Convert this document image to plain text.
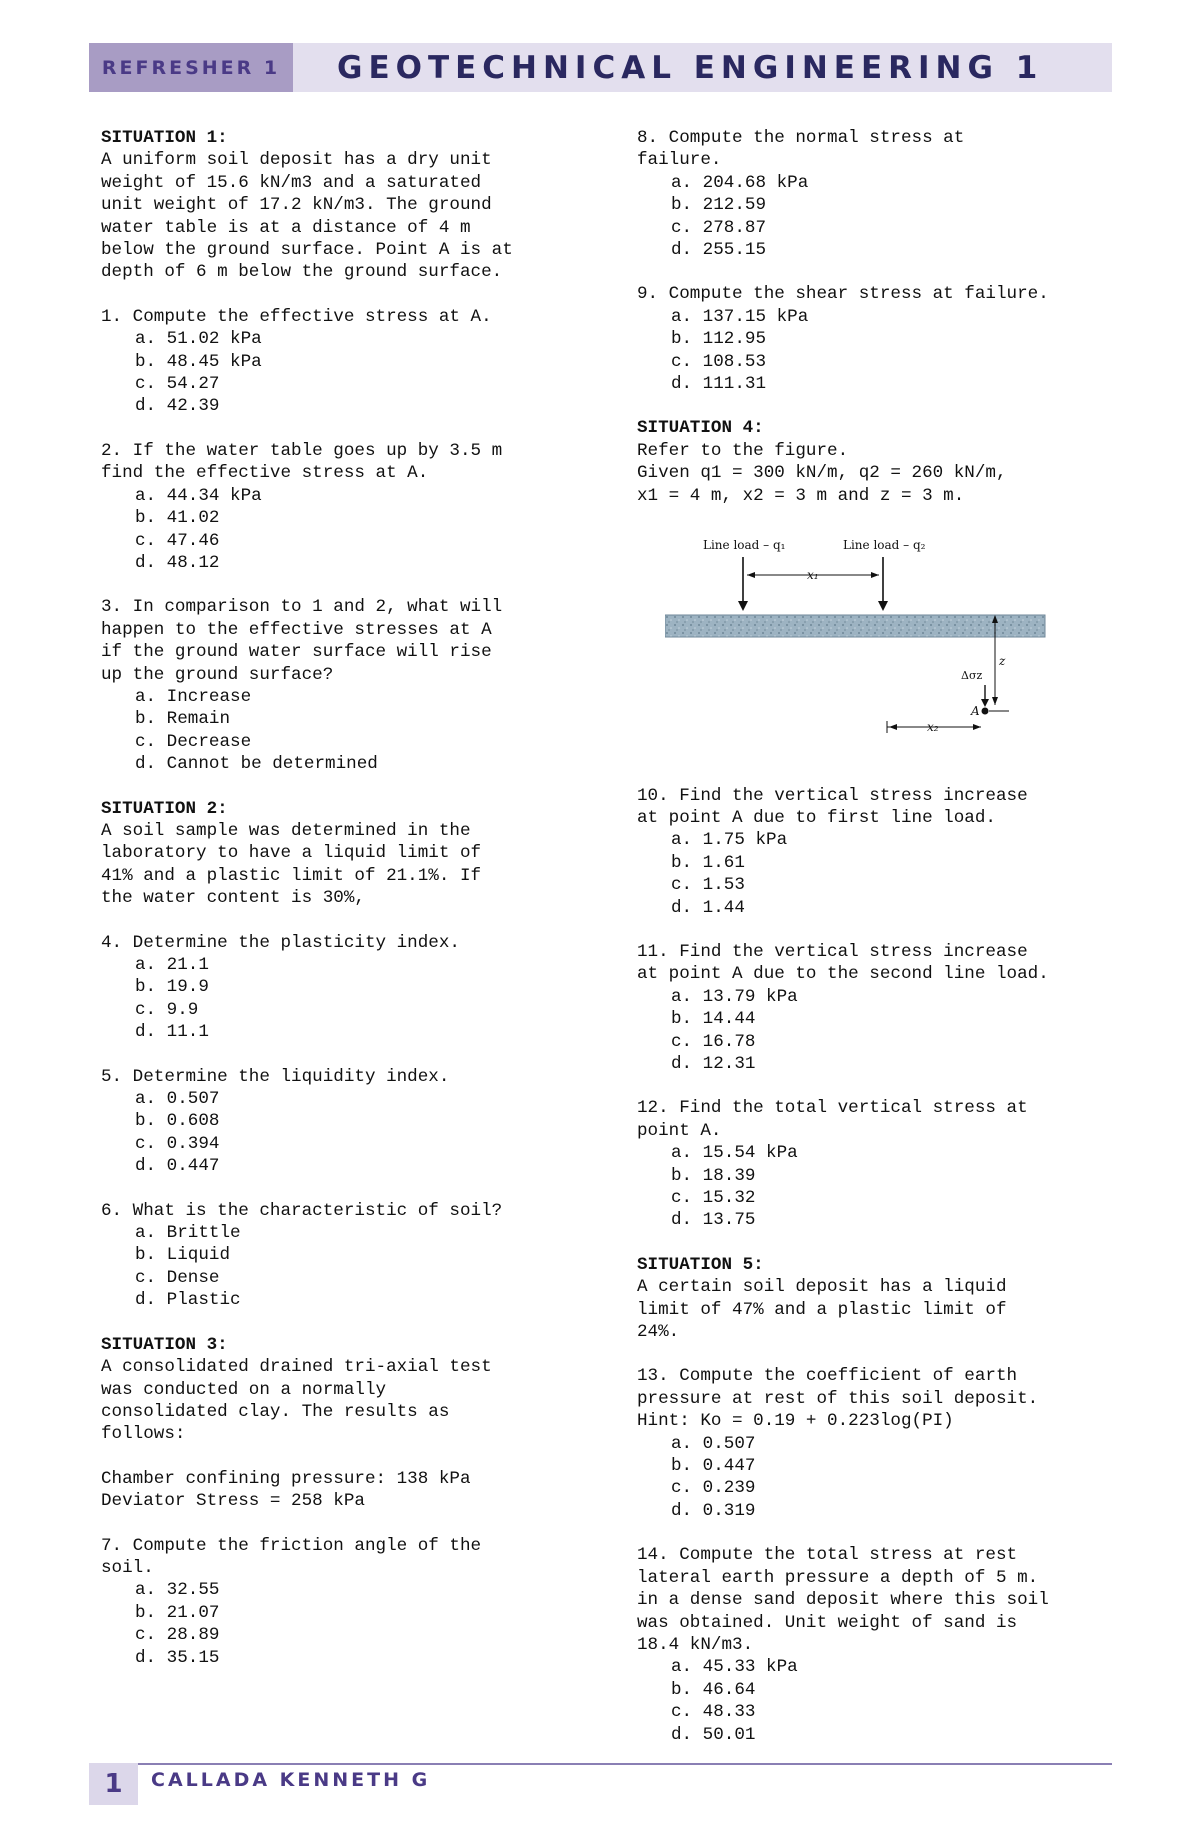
REFRESHER 1	GEOTECHNICAL ENGINEERING 1
SITUATION 1:
A uniform soil deposit has a dry unit
weight of 15.6 kN/m3 and a saturated
unit weight of 17.2 kN/m3. The ground
water table is at a distance of 4 m
below the ground surface. Point A is at
depth of 6 m below the ground surface.
1. Compute the effective stress at A.
a. 51.02 kPa
b. 48.45 kPa
c. 54.27
d. 42.39
2. If the water table goes up by 3.5 m
find the effective stress at A.
a. 44.34 kPa
b. 41.02
c. 47.46
d. 48.12
3. In comparison to 1 and 2, what will
happen to the effective stresses at A
if the ground water surface will rise
up the ground surface?
a. Increase
b. Remain
c. Decrease
d. Cannot be determined
SITUATION 2:
A soil sample was determined in the
laboratory to have a liquid limit of
41% and a plastic limit of 21.1%. If
the water content is 30%,
4. Determine the plasticity index.
a. 21.1
b. 19.9
c. 9.9
d. 11.1
5. Determine the liquidity index.
a. 0.507
b. 0.608
c. 0.394
d. 0.447
6. What is the characteristic of soil?
a. Brittle
b. Liquid
c. Dense
d. Plastic
SITUATION 3:
A consolidated drained tri-axial test
was conducted on a normally
consolidated clay. The results as
follows:
Chamber confining pressure: 138 kPa
Deviator Stress = 258 kPa
7. Compute the friction angle of the
soil.
a. 32.55
b. 21.07
c. 28.89
d. 35.15
8. Compute the normal stress at
failure.
a. 204.68 kPa
b. 212.59
c. 278.87
d. 255.15
9. Compute the shear stress at failure.
a. 137.15 kPa
b. 112.95
c. 108.53
d. 111.31
SITUATION 4:
Refer to the figure.
Given q1 = 300 kN/m, q2 = 260 kN/m,
x1 = 4 m, x2 = 3 m and z = 3 m.
Line load – q₁	Line load – q₂
x₁
z
Δσz
A
x₂
10. Find the vertical stress increase
at point A due to first line load.
a. 1.75 kPa
b. 1.61
c. 1.53
d. 1.44
11. Find the vertical stress increase
at point A due to the second line load.
a. 13.79 kPa
b. 14.44
c. 16.78
d. 12.31
12. Find the total vertical stress at
point A.
a. 15.54 kPa
b. 18.39
c. 15.32
d. 13.75
SITUATION 5:
A certain soil deposit has a liquid
limit of 47% and a plastic limit of
24%.
13. Compute the coefficient of earth
pressure at rest of this soil deposit.
Hint: Ko = 0.19 + 0.223log(PI)
a. 0.507
b. 0.447
c. 0.239
d. 0.319
14. Compute the total stress at rest
lateral earth pressure a depth of 5 m.
in a dense sand deposit where this soil
was obtained. Unit weight of sand is
18.4 kN/m3.
a. 45.33 kPa
b. 46.64
c. 48.33
d. 50.01
1	CALLADA KENNETH G
